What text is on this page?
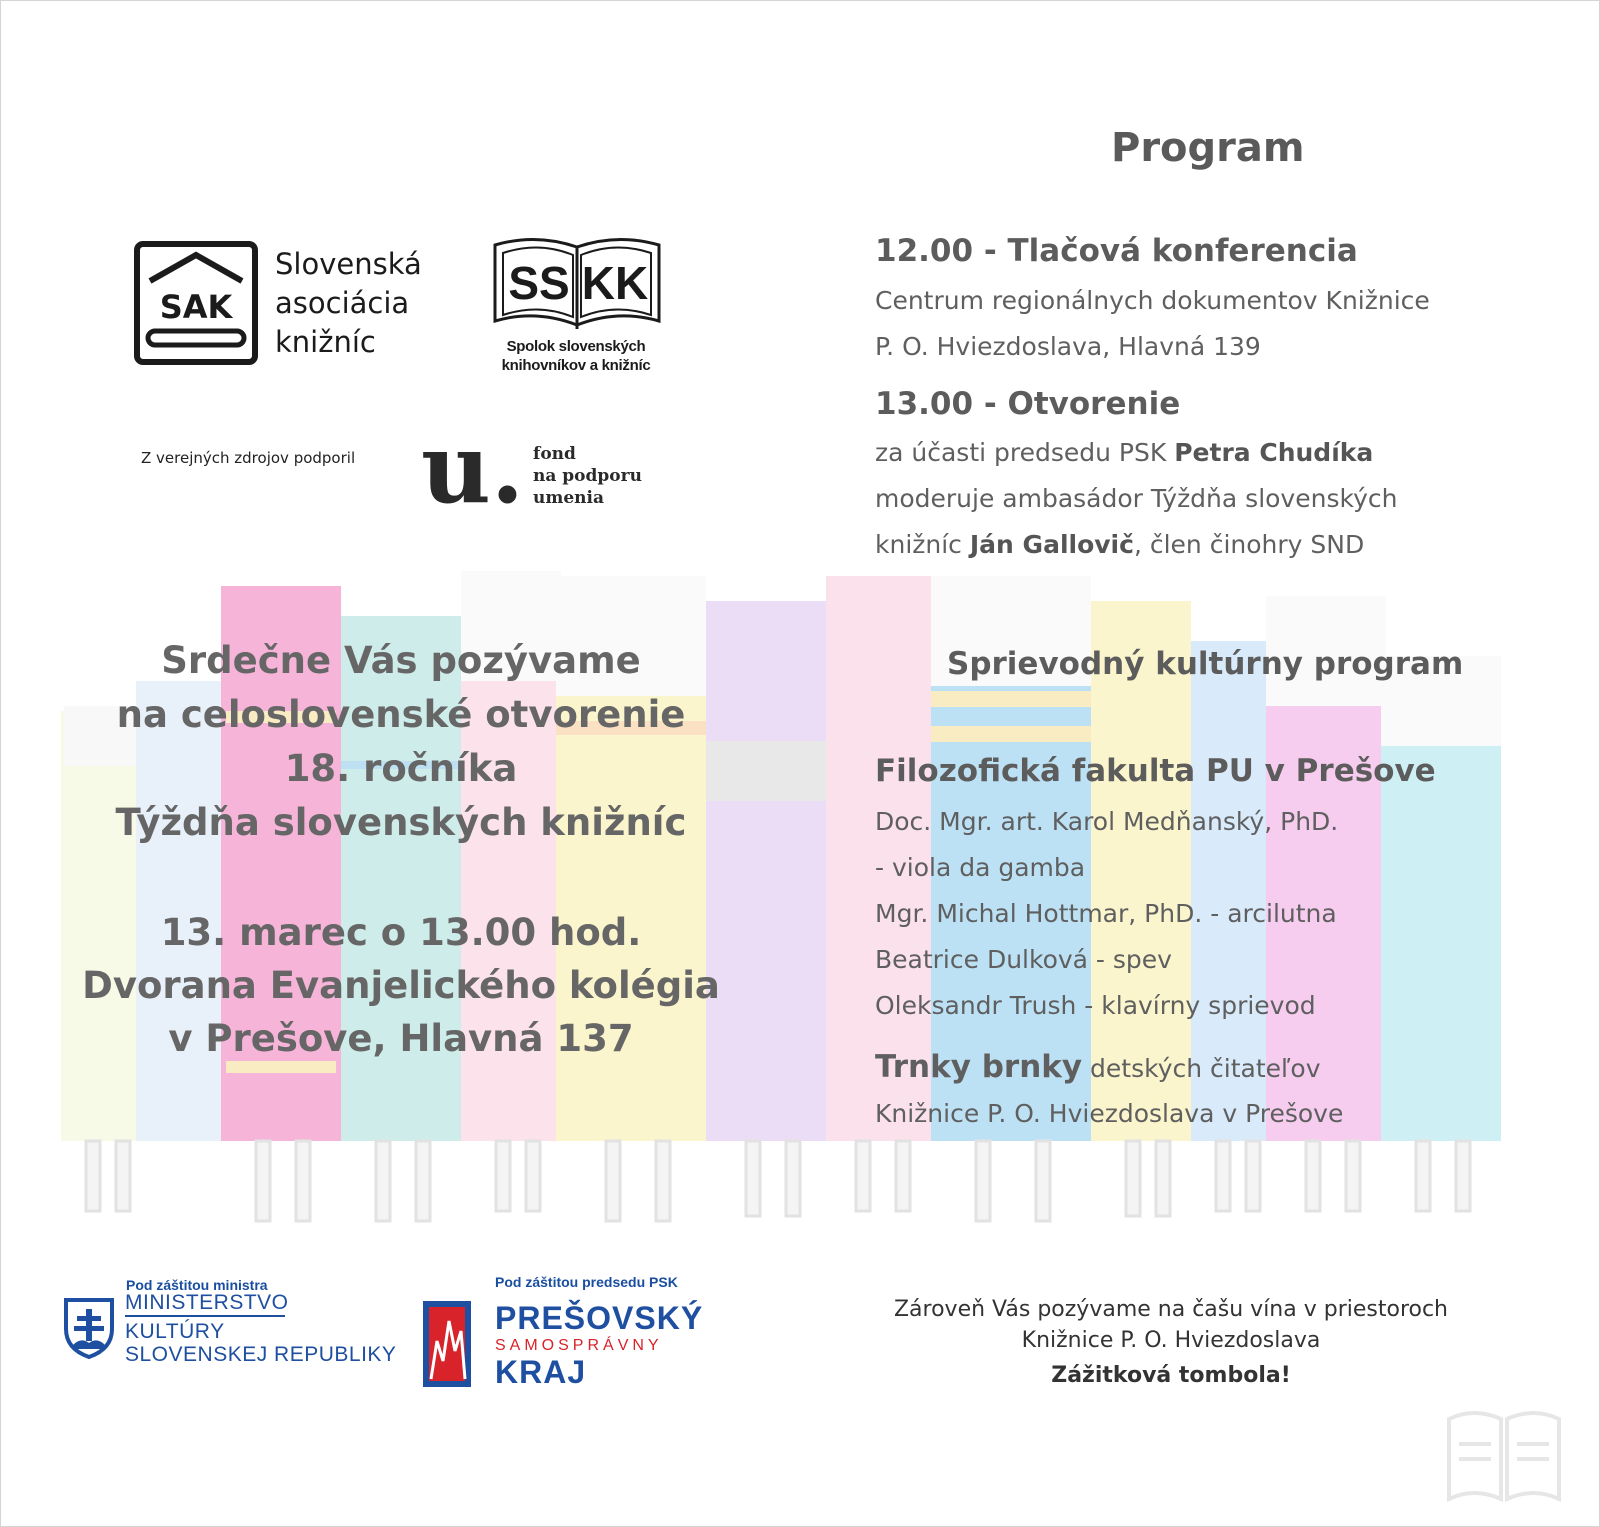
SAK
Slovenská
asociácia
knižníc
SS KK
Spolok slovenských
knihovníkov a knižníc
Z verejných zdrojov podporil u. fond
na podporu
umenia
Program
12.00 - Tlačová konferencia
Centrum regionálnych dokumentov Knižnice
P. O. Hviezdoslava, Hlavná 139
13.00 - Otvorenie
za účasti predsedu PSK Petra Chudíka
moderuje ambasádor Týždňa slovenských
knižníc Ján Gallovič, člen činohry SND
Srdečne Vás pozývame
na celoslovenské otvorenie
18. ročníka
Týždňa slovenských knižníc
13. marec o 13.00 hod.
Dvorana Evanjelického kolégia
v Prešove, Hlavná 137
Sprievodný kultúrny program
Filozofická fakulta PU v Prešove
Doc. Mgr. art. Karol Medňanský, PhD.
- viola da gamba
Mgr. Michal Hottmar, PhD. - arcilutna
Beatrice Dulková - spev
Oleksandr Trush - klavírny sprievod
Trnky brnky detských čitateľov
Knižnice P. O. Hviezdoslava v Prešove
Pod záštitou ministra
MINISTERSTVO
KULTÚRY
SLOVENSKEJ REPUBLIKY
Pod záštitou predsedu PSK
PREŠOVSKÝ
SAMOSPRÁVNY
KRAJ
Zároveň Vás pozývame na čašu vína v priestoroch
Knižnice P. O. Hviezdoslava
Zážitková tombola!
